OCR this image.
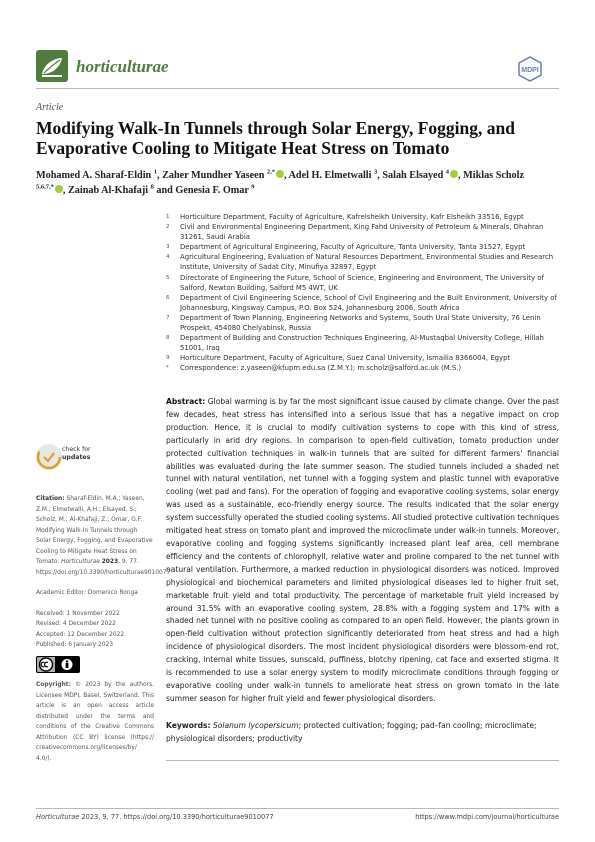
horticulturae	MDPI
Article
Modifying Walk-In Tunnels through Solar Energy, Fogging, and Evaporative Cooling to Mitigate Heat Stress on Tomato
Mohamed A. Sharaf-Eldin $^1$, Zaher Mundher Yaseen $^{2,*}$ , Adel H. Elmetwalli $^3$, Salah Elsayed $^4$ , Miklas Scholz $^{5,6,7,*}$ , Zainab Al-Khafaji $^8$ and Genesia F. Omar $^9$
1	Horticulture Department, Faculty of Agriculture, Kafrelsheikh University, Kafr Elsheikh 33516, Egypt
2	Civil and Environmental Engineering Department, King Fahd University of Petroleum & Minerals, Dhahran 31261, Saudi Arabia
3	Department of Agricultural Engineering, Faculty of Agriculture, Tanta University, Tanta 31527, Egypt
4	Agricultural Engineering, Evaluation of Natural Resources Department, Environmental Studies and Research Institute, University of Sadat City, Minufiya 32897, Egypt
5	Directorate of Engineering the Future, School of Science, Engineering and Environment, The University of Salford, Newton Building, Salford M5 4WT, UK
6	Department of Civil Engineering Science, School of Civil Engineering and the Built Environment, University of Johannesburg, Kingsway Campus, P.O. Box 524, Johannesburg 2006, South Africa
7	Department of Town Planning, Engineering Networks and Systems, South Ural State University, 76 Lenin Prospekt, 454080 Chelyabinsk, Russia
8	Department of Building and Construction Techniques Engineering, Al-Mustaqbal University College, Hillah 51001, Iraq
9	Horticulture Department, Faculty of Agriculture, Suez Canal University, Ismailia 8366004, Egypt
*	Correspondence: z.yaseen@kfupm.edu.sa (Z.M.Y.); m.scholz@salford.ac.uk (M.S.)
Abstract: Global warming is by far the most significant issue caused by climate change. Over the past few decades, heat stress has intensified into a serious issue that has a negative impact on crop production. Hence, it is crucial to modify cultivation systems to cope with this kind of stress, particularly in arid dry regions. In comparison to open-field cultivation, tomato production under protected cultivation techniques in walk-in tunnels that are suited for different farmers' financial abilities was evaluated during the late summer season. The studied tunnels included a shaded net tunnel with natural ventilation, net tunnel with a fogging system and plastic tunnel with evaporative cooling (wet pad and fans). For the operation of fogging and evaporative cooling systems, solar energy was used as a sustainable, eco-friendly energy source. The results indicated that the solar energy system successfully operated the studied cooling systems. All studied protective cultivation techniques mitigated heat stress on tomato plant and improved the microclimate under walk-in tunnels. Moreover, evaporative cooling and fogging systems significantly increased plant leaf area, cell membrane efficiency and the contents of chlorophyll, relative water and proline compared to the net tunnel with natural ventilation. Furthermore, a marked reduction in physiological disorders was noticed. Improved physiological and biochemical parameters and limited physiological diseases led to higher fruit set, marketable fruit yield and total productivity. The percentage of marketable fruit yield increased by around 31.5% with an evaporative cooling system, 28.8% with a fogging system and 17% with a shaded net tunnel with no positive cooling as compared to an open field. However, the plants grown in open-field cultivation without protection significantly deteriorated from heat stress and had a high incidence of physiological disorders. The most incident physiological disorders were blossom-end rot, cracking, internal white tissues, sunscald, puffiness, blotchy ripening, cat face and exserted stigma. It is recommended to use a solar energy system to modify microclimate conditions through fogging or evaporative cooling under walk-in tunnels to ameliorate heat stress on grown tomato in the late summer season for higher fruit yield and fewer physiological disorders.
Keywords: Solanum lycopersicum; protected cultivation; fogging; pad–fan cooling; microclimate; physiological disorders; productivity
check for
updates
Citation: Sharaf-Eldin, M.A.; Yaseen, Z.M.; Elmetwalli, A.H.; Elsayed, S.; Scholz, M.; Al-Khafaji, Z.; Omar, G.F. Modifying Walk-In Tunnels through Solar Energy, Fogging, and Evaporative Cooling to Mitigate Heat Stress on Tomato. Horticulturae 2023, 9, 77. https://doi.org/10.3390/horticulturae9010077
Academic Editor: Domenico Ronga
Received: 1 November 2022
Revised: 4 December 2022
Accepted: 12 December 2022
Published: 6 January 2023
Copyright: © 2023 by the authors. Licensee MDPI, Basel, Switzerland. This article is an open access article distributed under the terms and conditions of the Creative Commons Attribution (CC BY) license (https:// creativecommons.org/licenses/by/ 4.0/).
Horticulturae 2023, 9, 77. https://doi.org/10.3390/horticulturae9010077	https://www.mdpi.com/journal/horticulturae
